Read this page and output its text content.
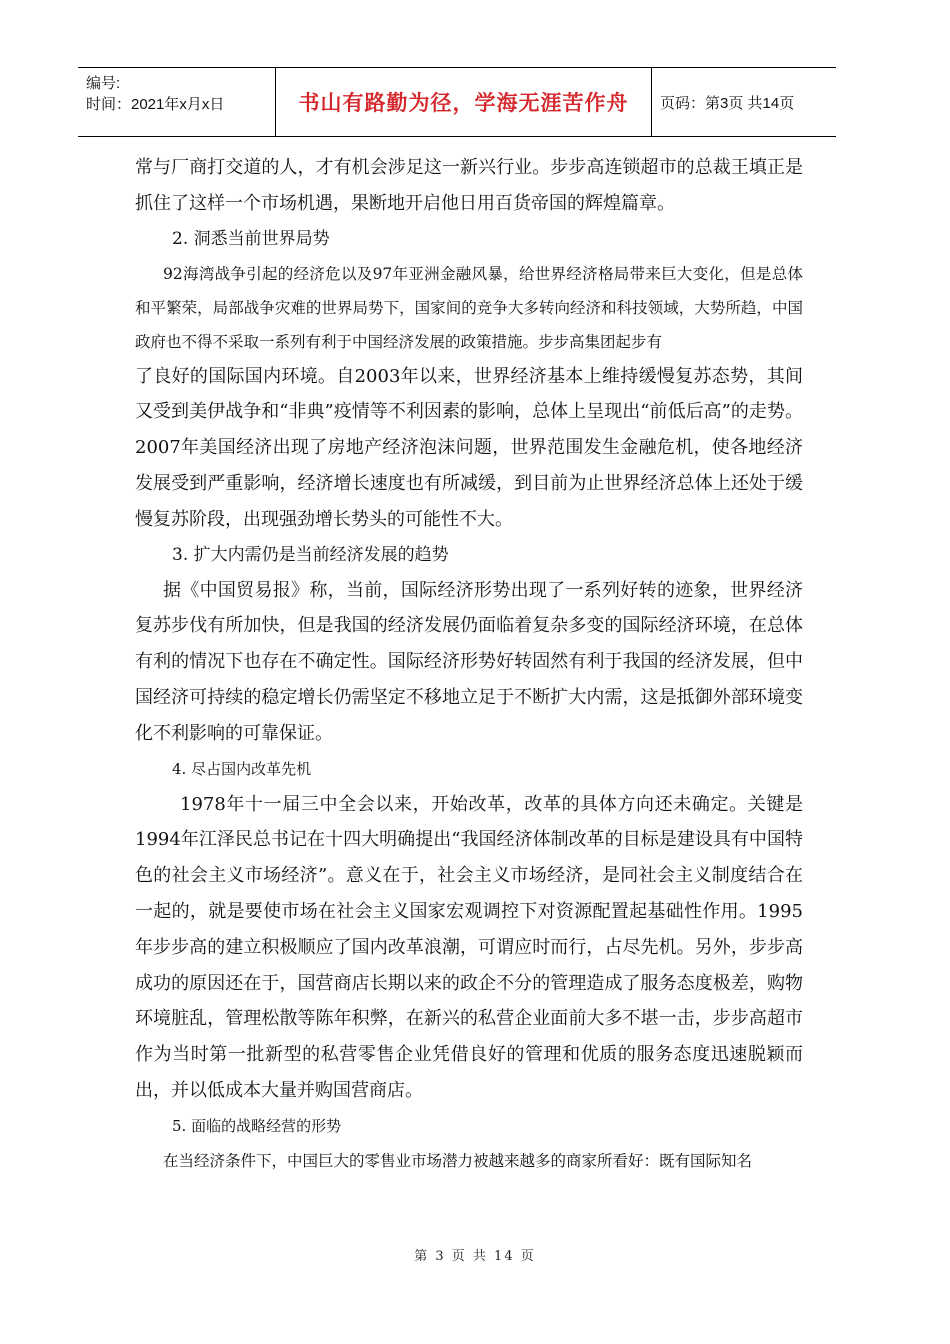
编号:
时间：2021年x月x日	书山有路勤为径，学海无涯苦作舟 页码：第3页 共14页

常与厂商打交道的人，才有机会涉足这一新兴行业。步步高连锁超市的总裁王填正是抓住了这样一个市场机遇，果断地开启他日用百货帝国的辉煌篇章。

2. 洞悉当前世界局势

92海湾战争引起的经济危以及97年亚洲金融风暴，给世界经济格局带来巨大变化，但是总体和平繁荣，局部战争灾难的世界局势下，国家间的竞争大多转向经济和科技领域，大势所趋，中国政府也不得不采取一系列有利于中国经济发展的政策措施。步步高集团起步有

了良好的国际国内环境。自2003年以来，世界经济基本上维持缓慢复苏态势，其间又受到美伊战争和“非典”疫情等不利因素的影响，总体上呈现出“前低后高”的走势。2007年美国经济出现了房地产经济泡沫问题，世界范围发生金融危机，使各地经济发展受到严重影响，经济增长速度也有所减缓，到目前为止世界经济总体上还处于缓慢复苏阶段，出现强劲增长势头的可能性不大。

3. 扩大内需仍是当前经济发展的趋势

据《中国贸易报》称，当前，国际经济形势出现了一系列好转的迹象，世界经济复苏步伐有所加快，但是我国的经济发展仍面临着复杂多变的国际经济环境，在总体有利的情况下也存在不确定性。国际经济形势好转固然有利于我国的经济发展，但中国经济可持续的稳定增长仍需坚定不移地立足于不断扩大内需，这是抵御外部环境变化不利影响的可靠保证。

4. 尽占国内改革先机

1978年十一届三中全会以来，开始改革，改革的具体方向还未确定。关键是1994年江泽民总书记在十四大明确提出“我国经济体制改革的目标是建设具有中国特色的社会主义市场经济”。意义在于，社会主义市场经济，是同社会主义制度结合在一起的，就是要使市场在社会主义国家宏观调控下对资源配置起基础性作用。1995年步步高的建立积极顺应了国内改革浪潮，可谓应时而行，占尽先机。另外，步步高成功的原因还在于，国营商店长期以来的政企不分的管理造成了服务态度极差，购物环境脏乱，管理松散等陈年积弊，在新兴的私营企业面前大多不堪一击，步步高超市作为当时第一批新型的私营零售企业凭借良好的管理和优质的服务态度迅速脱颖而出，并以低成本大量并购国营商店。

5. 面临的战略经营的形势

在当经济条件下，中国巨大的零售业市场潜力被越来越多的商家所看好：既有国际知名

第 3 页 共 14 页
